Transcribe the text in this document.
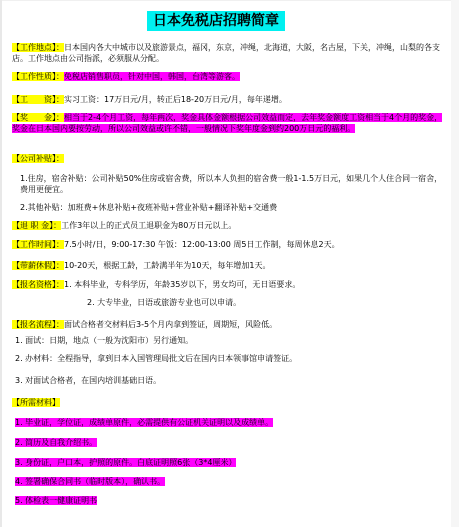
日本免税店招聘简章
【工作地点】：日本国内各大中城市以及旅游景点，福冈，东京，冲绳，北海道，大阪，名古屋，下关，冲绳，山梨的各支店。工作地点由公司指派，必须服从分配。
【工作性质】：免税店销售职员，针对中国，韩国，台湾等游客。
【工　　资】：实习工资：17万日元/月，转正后18-20万日元/月，每年递增。
【奖　　金】：相当于2-4个月工资，每年两次，奖金具体金额根据公司效益而定，去年奖金额度工资相当于4个月的奖金，奖金在日本国内要按劳动，所以公司效益或许不错，一般情况下奖年度金到约200万日元的福利。
【公司补贴】：
1.住房，宿舍补贴：公司补贴50%住房或宿舍费，所以本人负担的宿舍费一般1-1.5万日元，如果几个人住合同一宿舍，费用更便宜。
2.其他补贴：加班费+休息补贴+夜班补贴+营业补贴+翻译补贴+交通费
【退 职 金】：工作3年以上的正式员工退职金为80万日元以上。
【工作时间】：7.5小时/日，9:00-17:30 午饭：12:00-13:00 周5日工作制，每周休息2天。
【带薪休假】：10-20天，根据工龄，工龄满半年为10天，每年增加1天。
【报名资格】：1. 本科毕业，专科学历，年龄35岁以下，男女均可，无日语要求。
2. 大专毕业，日语或旅游专业也可以申请。
【报名流程】：面试合格者交材料后3-5个月内拿到签证，周期短，风险低。
1. 面试：日期，地点（一般为沈阳市）另行通知。
2. 办材料：全程指导，拿到日本入国管理局批文后在国内日本领事馆申请签证。
3. 对面试合格者，在国内培训基础日语。
【所需材料】
1. 毕业证，学位证，成绩单原件，必需提供有公证机关证明以及成绩单。
2. 简历及自我介绍书。
3. 身份证，户口本，护照的原件。白底证明照6张（3*4厘米）
4. 签署确保合同书（临时版本），确认书。
5. 体检表一健康证明书
